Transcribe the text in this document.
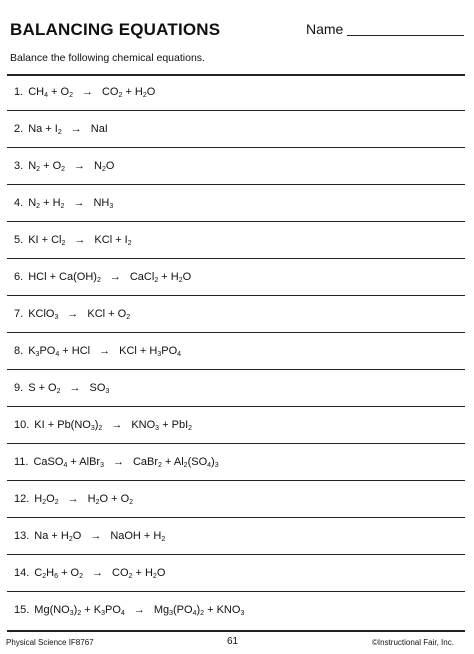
BALANCING EQUATIONS	Name
Balance the following chemical equations.
1. $CH_4 + O_2 \to CO_2 + H_2O$
2. $Na + I_2$ → NaI
3. $N_2 + O_2 \to N_2O$
4. $N_2 + H_2 \to NH_3$
5. KI + $Cl_2$ → KCl + $I_2$
6. HCl + $Ca(OH)_2$ → CaCl$_2$ + $H_2O$
7. KClO$_3$ → KCl + $O_2$
8. $K_3PO_4$ + HCl → KCl + $H_3PO_4$
9. $S + O_2 \to SO_3$
10. KI + $Pb(NO_3)_2 \to KNO_3 + PbI_2$
11. CaSO$_4$ + AlBr$_3$ → CaBr$_2$ + $Al_2(SO_4)_3$
12. $H_2O_2 \to H_2O + O_2$
13. $Na + H_2O$ → NaOH + $H_2$
14. $C_2H_6 + O_2 \to CO_2 + H_2O$
15. $Mg(NO_3)_2 + K_3PO_4 \to Mg_3(PO_4)_2 + KNO_3$
Physical Science IF8767	61	©Instructional Fair, Inc.
